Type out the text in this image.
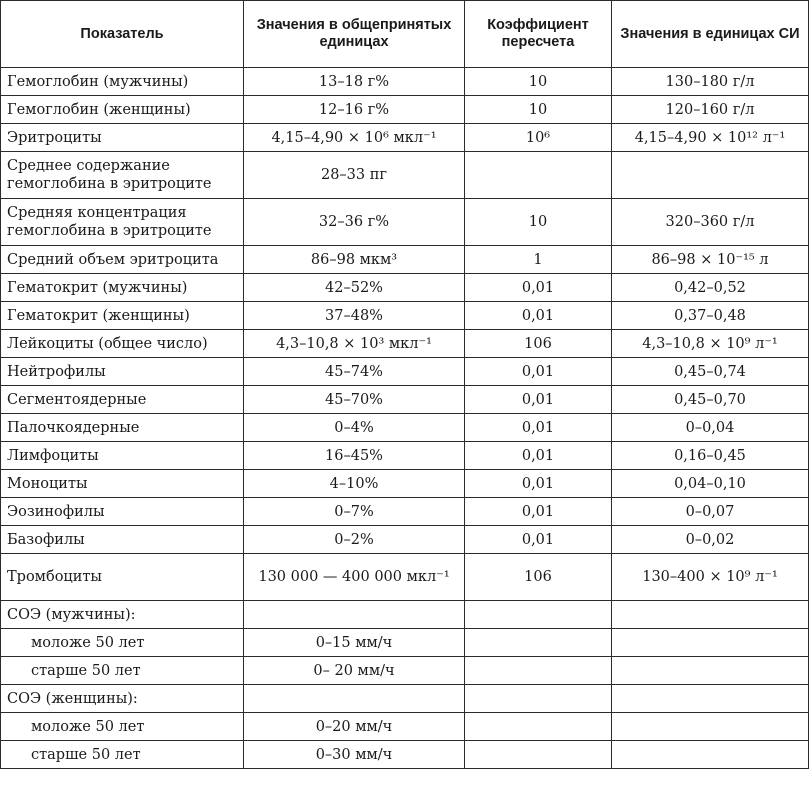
Показатель	Значения в общепринятых единицах	Коэффициент пересчета	Значения в единицах СИ
Гемоглобин (мужчины)	13–18 г%	10	130–180 г/л
Гемоглобин (женщины)	12–16 г%	10	120–160 г/л
Эритроциты	4,15–4,90 × 10⁶ мкл⁻¹	10⁶	4,15–4,90 × 10¹² л⁻¹
Среднее содержание гемоглобина в эритроците	28–33 пг		
Средняя концентрация гемоглобина в эритроците	32–36 г%	10	320–360 г/л
Средний объем эритроцита	86–98 мкм³	1	86–98 × 10⁻¹⁵ л
Гематокрит (мужчины)	42–52%	0,01	0,42–0,52
Гематокрит (женщины)	37–48%	0,01	0,37–0,48
Лейкоциты (общее число)	4,3–10,8 × 10³ мкл⁻¹	106	4,3–10,8 × 10⁹ л⁻¹
Нейтрофилы	45–74%	0,01	0,45–0,74
Сегментоядерные	45–70%	0,01	0,45–0,70
Палочкоядерные	0–4%	0,01	0–0,04
Лимфоциты	16–45%	0,01	0,16–0,45
Моноциты	4–10%	0,01	0,04–0,10
Эозинофилы	0–7%	0,01	0–0,07
Базофилы	0–2%	0,01	0–0,02
Тромбоциты	130 000 — 400 000 мкл⁻¹	106	130–400 × 10⁹ л⁻¹
СОЭ (мужчины):			
моложе 50 лет	0–15 мм/ч		
старше 50 лет	0– 20 мм/ч		
СОЭ (женщины):			
моложе 50 лет	0–20 мм/ч		
старше 50 лет	0–30 мм/ч		
